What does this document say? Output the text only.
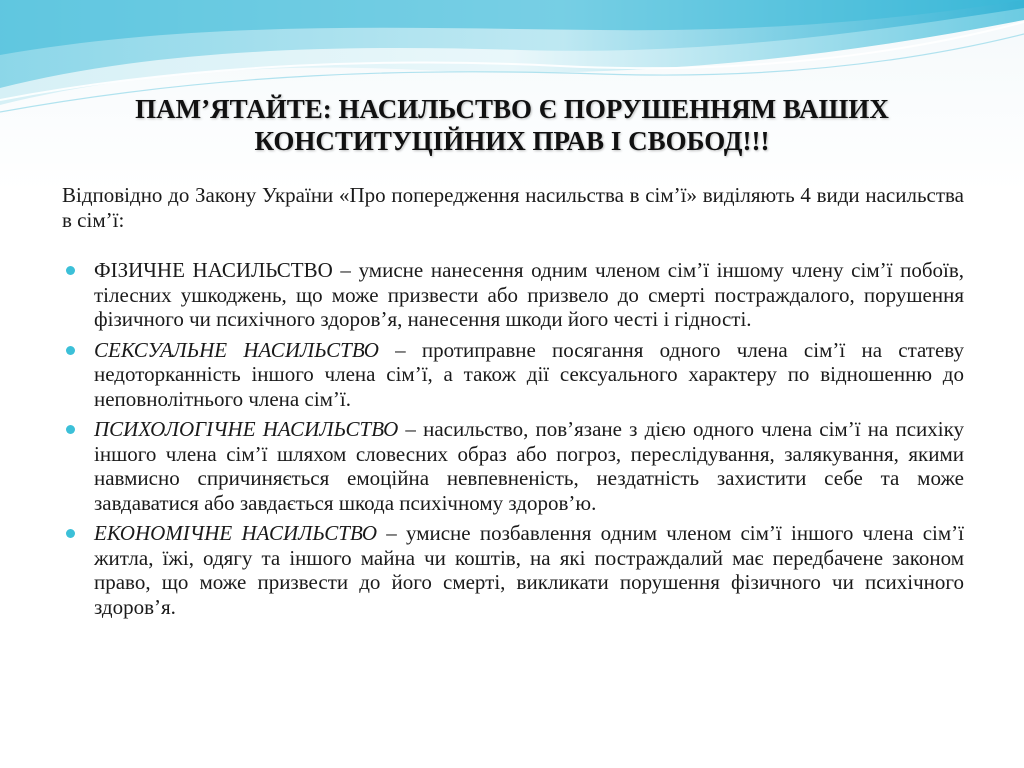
ПАМ’ЯТАЙТЕ: НАСИЛЬСТВО Є ПОРУШЕННЯМ ВАШИХ
КОНСТИТУЦІЙНИХ ПРАВ І СВОБОД!!!

Відповідно до Закону України «Про попередження насильства в сім’ї» виділяють 4 види насильства в сім’ї:

ФІЗИЧНЕ НАСИЛЬСТВО – умисне нанесення одним членом сім’ї іншому члену сім’ї побоїв, тілесних ушкоджень, що може призвести або призвело до смерті постраждалого, порушення фізичного чи психічного здоров’я, нанесення шкоди його честі і гідності.
СЕКСУАЛЬНЕ НАСИЛЬСТВО – протиправне посягання одного члена сім’ї на статеву недоторканність іншого члена сім’ї, а також дії сексуального характеру по відношенню до неповнолітнього члена сім’ї.
ПСИХОЛОГІЧНЕ НАСИЛЬСТВО – насильство, пов’язане з дією одного члена сім’ї на психіку іншого члена сім’ї шляхом словесних образ або погроз, переслідування, залякування, якими навмисно спричиняється емоційна невпевненість, нездатність захистити себе та може завдаватися або завдається шкода психічному здоров’ю.
ЕКОНОМІЧНЕ НАСИЛЬСТВО – умисне позбавлення одним членом сім’ї іншого члена сім’ї житла, їжі, одягу та іншого майна чи коштів, на які постраждалий має передбачене законом право, що може призвести до його смерті, викликати порушення фізичного чи психічного здоров’я.
